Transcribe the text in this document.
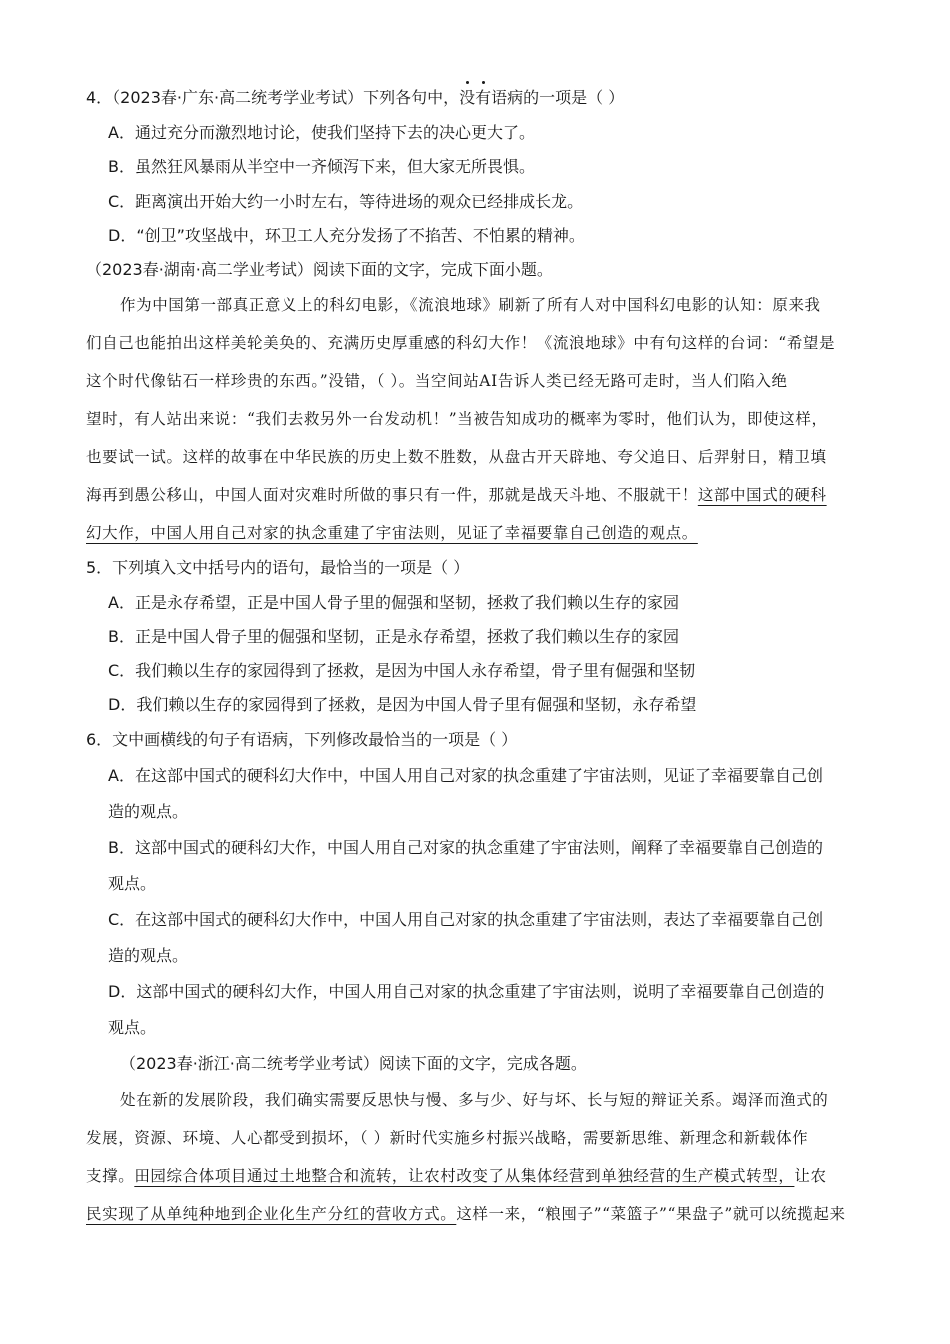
4．（2023春·广东·高二统考学业考试）下列各句中，没有语病的一项是（ ）
A．通过充分而激烈地讨论，使我们坚持下去的决心更大了。
B．虽然狂风暴雨从半空中一齐倾泻下来，但大家无所畏惧。
C．距离演出开始大约一小时左右，等待进场的观众已经排成长龙。
D．“创卫”攻坚战中，环卫工人充分发扬了不掐苦、不怕累的精神。
（2023春·湖南·高二学业考试）阅读下面的文字，完成下面小题。
作为中国第一部真正意义上的科幻电影，《流浪地球》刷新了所有人对中国科幻电影的认知：原来我
们自己也能拍出这样美轮美奂的、充满历史厚重感的科幻大作！《流浪地球》中有句这样的台词：“希望是
这个时代像钻石一样珍贵的东西。”没错，（ ）。当空间站AI告诉人类已经无路可走时，当人们陷入绝
望时，有人站出来说：“我们去救另外一台发动机！”当被告知成功的概率为零时，他们认为，即使这样，
也要试一试。这样的故事在中华民族的历史上数不胜数，从盘古开天辟地、夸父追日、后羿射日，精卫填
海再到愚公移山，中国人面对灾难时所做的事只有一件，那就是战天斗地、不服就干！这部中国式的硬科
幻大作，中国人用自己对家的执念重建了宇宙法则，见证了幸福要靠自己创造的观点。
5．下列填入文中括号内的语句，最恰当的一项是（ ）
A．正是永存希望，正是中国人骨子里的倔强和坚韧，拯救了我们赖以生存的家园
B．正是中国人骨子里的倔强和坚韧，正是永存希望，拯救了我们赖以生存的家园
C．我们赖以生存的家园得到了拯救，是因为中国人永存希望，骨子里有倔强和坚韧
D．我们赖以生存的家园得到了拯救，是因为中国人骨子里有倔强和坚韧，永存希望
6．文中画横线的句子有语病，下列修改最恰当的一项是（ ）
A．在这部中国式的硬科幻大作中，中国人用自己对家的执念重建了宇宙法则，见证了幸福要靠自己创
造的观点。
B．这部中国式的硬科幻大作，中国人用自己对家的执念重建了宇宙法则，阐释了幸福要靠自己创造的
观点。
C．在这部中国式的硬科幻大作中，中国人用自己对家的执念重建了宇宙法则，表达了幸福要靠自己创
造的观点。
D．这部中国式的硬科幻大作，中国人用自己对家的执念重建了宇宙法则，说明了幸福要靠自己创造的
观点。
（2023春·浙江·高二统考学业考试）阅读下面的文字，完成各题。
处在新的发展阶段，我们确实需要反思快与慢、多与少、好与坏、长与短的辩证关系。竭泽而渔式的
发展，资源、环境、人心都受到损坏，（ ）新时代实施乡村振兴战略，需要新思维、新理念和新载体作
支撑。田园综合体项目通过土地整合和流转，让农村改变了从集体经营到单独经营的生产模式转型，让农
民实现了从单纯种地到企业化生产分红的营收方式。这样一来，“粮囤子”“菜篮子”“果盘子”就可以统揽起来
